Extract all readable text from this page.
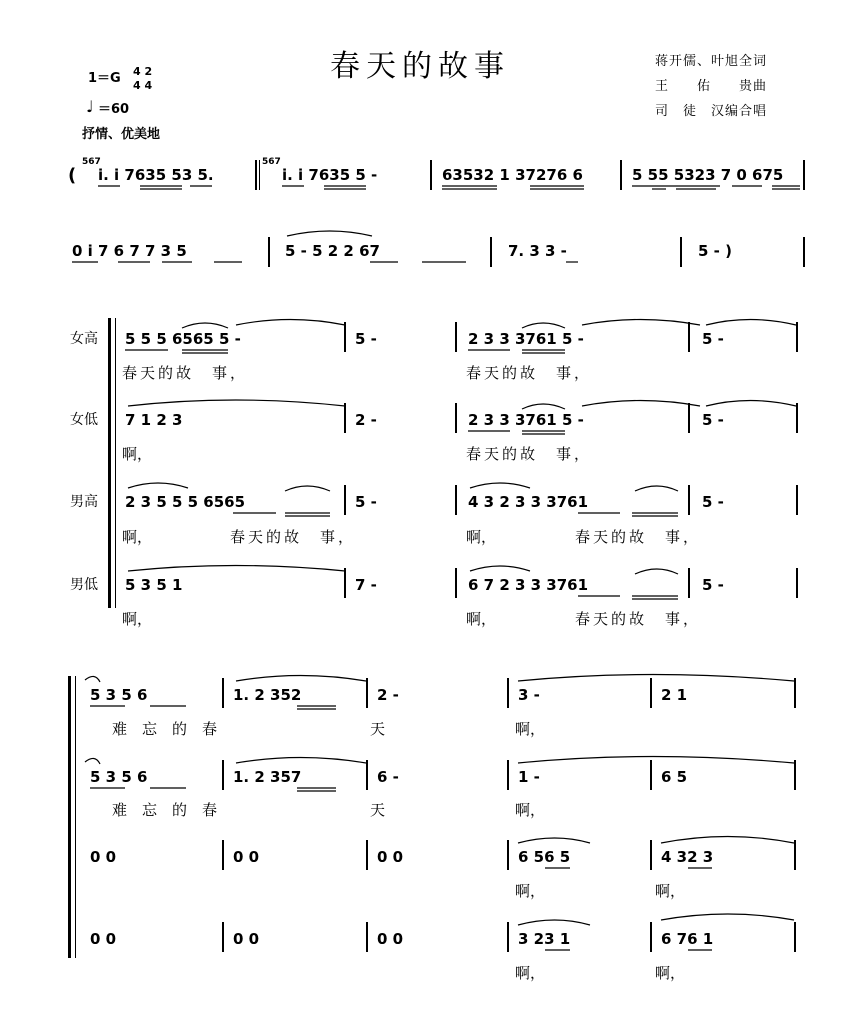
春天的故事	蒋开儒、叶旭全词
王　　佑　　贵曲
司　徒　汉编合唱
1＝G 4 2
4 4
♩ ＝60
抒情、优美地
(
567
i. i 7635 53 5.
567
i. i 7635 5 -	63532 1 37276 6	5 55 5323 7 0 675
0 i 7 6 7 7 3 5	5 - 5 2 2 67	7. 3 3 -	5 - )
女高
女低
男高
男低
5 5 5 6565 5 -	5 -	2 3 3 3761 5 -	5 -
春天的故　事，	春天的故　事，
7 1 2 3	2 -	2 3 3 3761 5 -	5 -
啊，	春天的故　事，
2 3 5 5 5 6565	5 -	4 3 2 3 3 3761	5 -
啊，	春天的故　事，	啊，	春天的故　事，
5 3 5 1	7 -	6 7 2 3 3 3761	5 -
啊，	啊，	春天的故　事，
5 3 5 6	1. 2 352	2 -	3 -	2 1
难　忘　的　春	天	啊，
5 3 5 6	1. 2 357	6 -	1 -	6 5
难　忘　的　春	天	啊，
0 0	0 0	0 0	6 56 5	4 32 3
啊，	啊，
0 0	0 0	0 0	3 23 1	6 76 1
啊，	啊，
